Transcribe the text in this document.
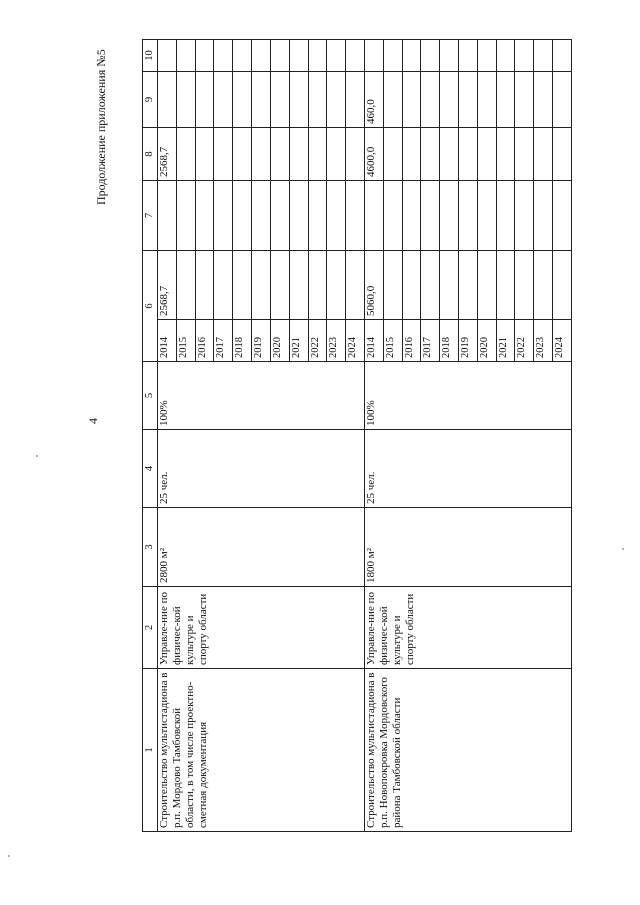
4
Продолжение приложения №5
1	2	3	4	5	6		7	8	9	10
Строительство мультистадиона в р.п. Мордово Тамбовской области, в том числе проектно-сметная документация	Управле-ние по физичес-кой культуре и спорту области	2800 м²	25 чел.	100%	2014	2568,7		2568,7		
					2015					
					2016					
					2017					
					2018					
					2019					
					2020					
					2021					
					2022					
					2023					
					2024					
Строительство мультистадиона в р.п. Новопокровка Мордовского района Тамбовской области	Управле-ние по физичес-кой культуре и спорту области	1800 м²	25 чел.	100%	2014	5060,0		4600,0	460,0	
					2015					
					2016					
					2017					
					2018					
					2019					
					2020					
					2021					
					2022					
					2023					
					2024					
